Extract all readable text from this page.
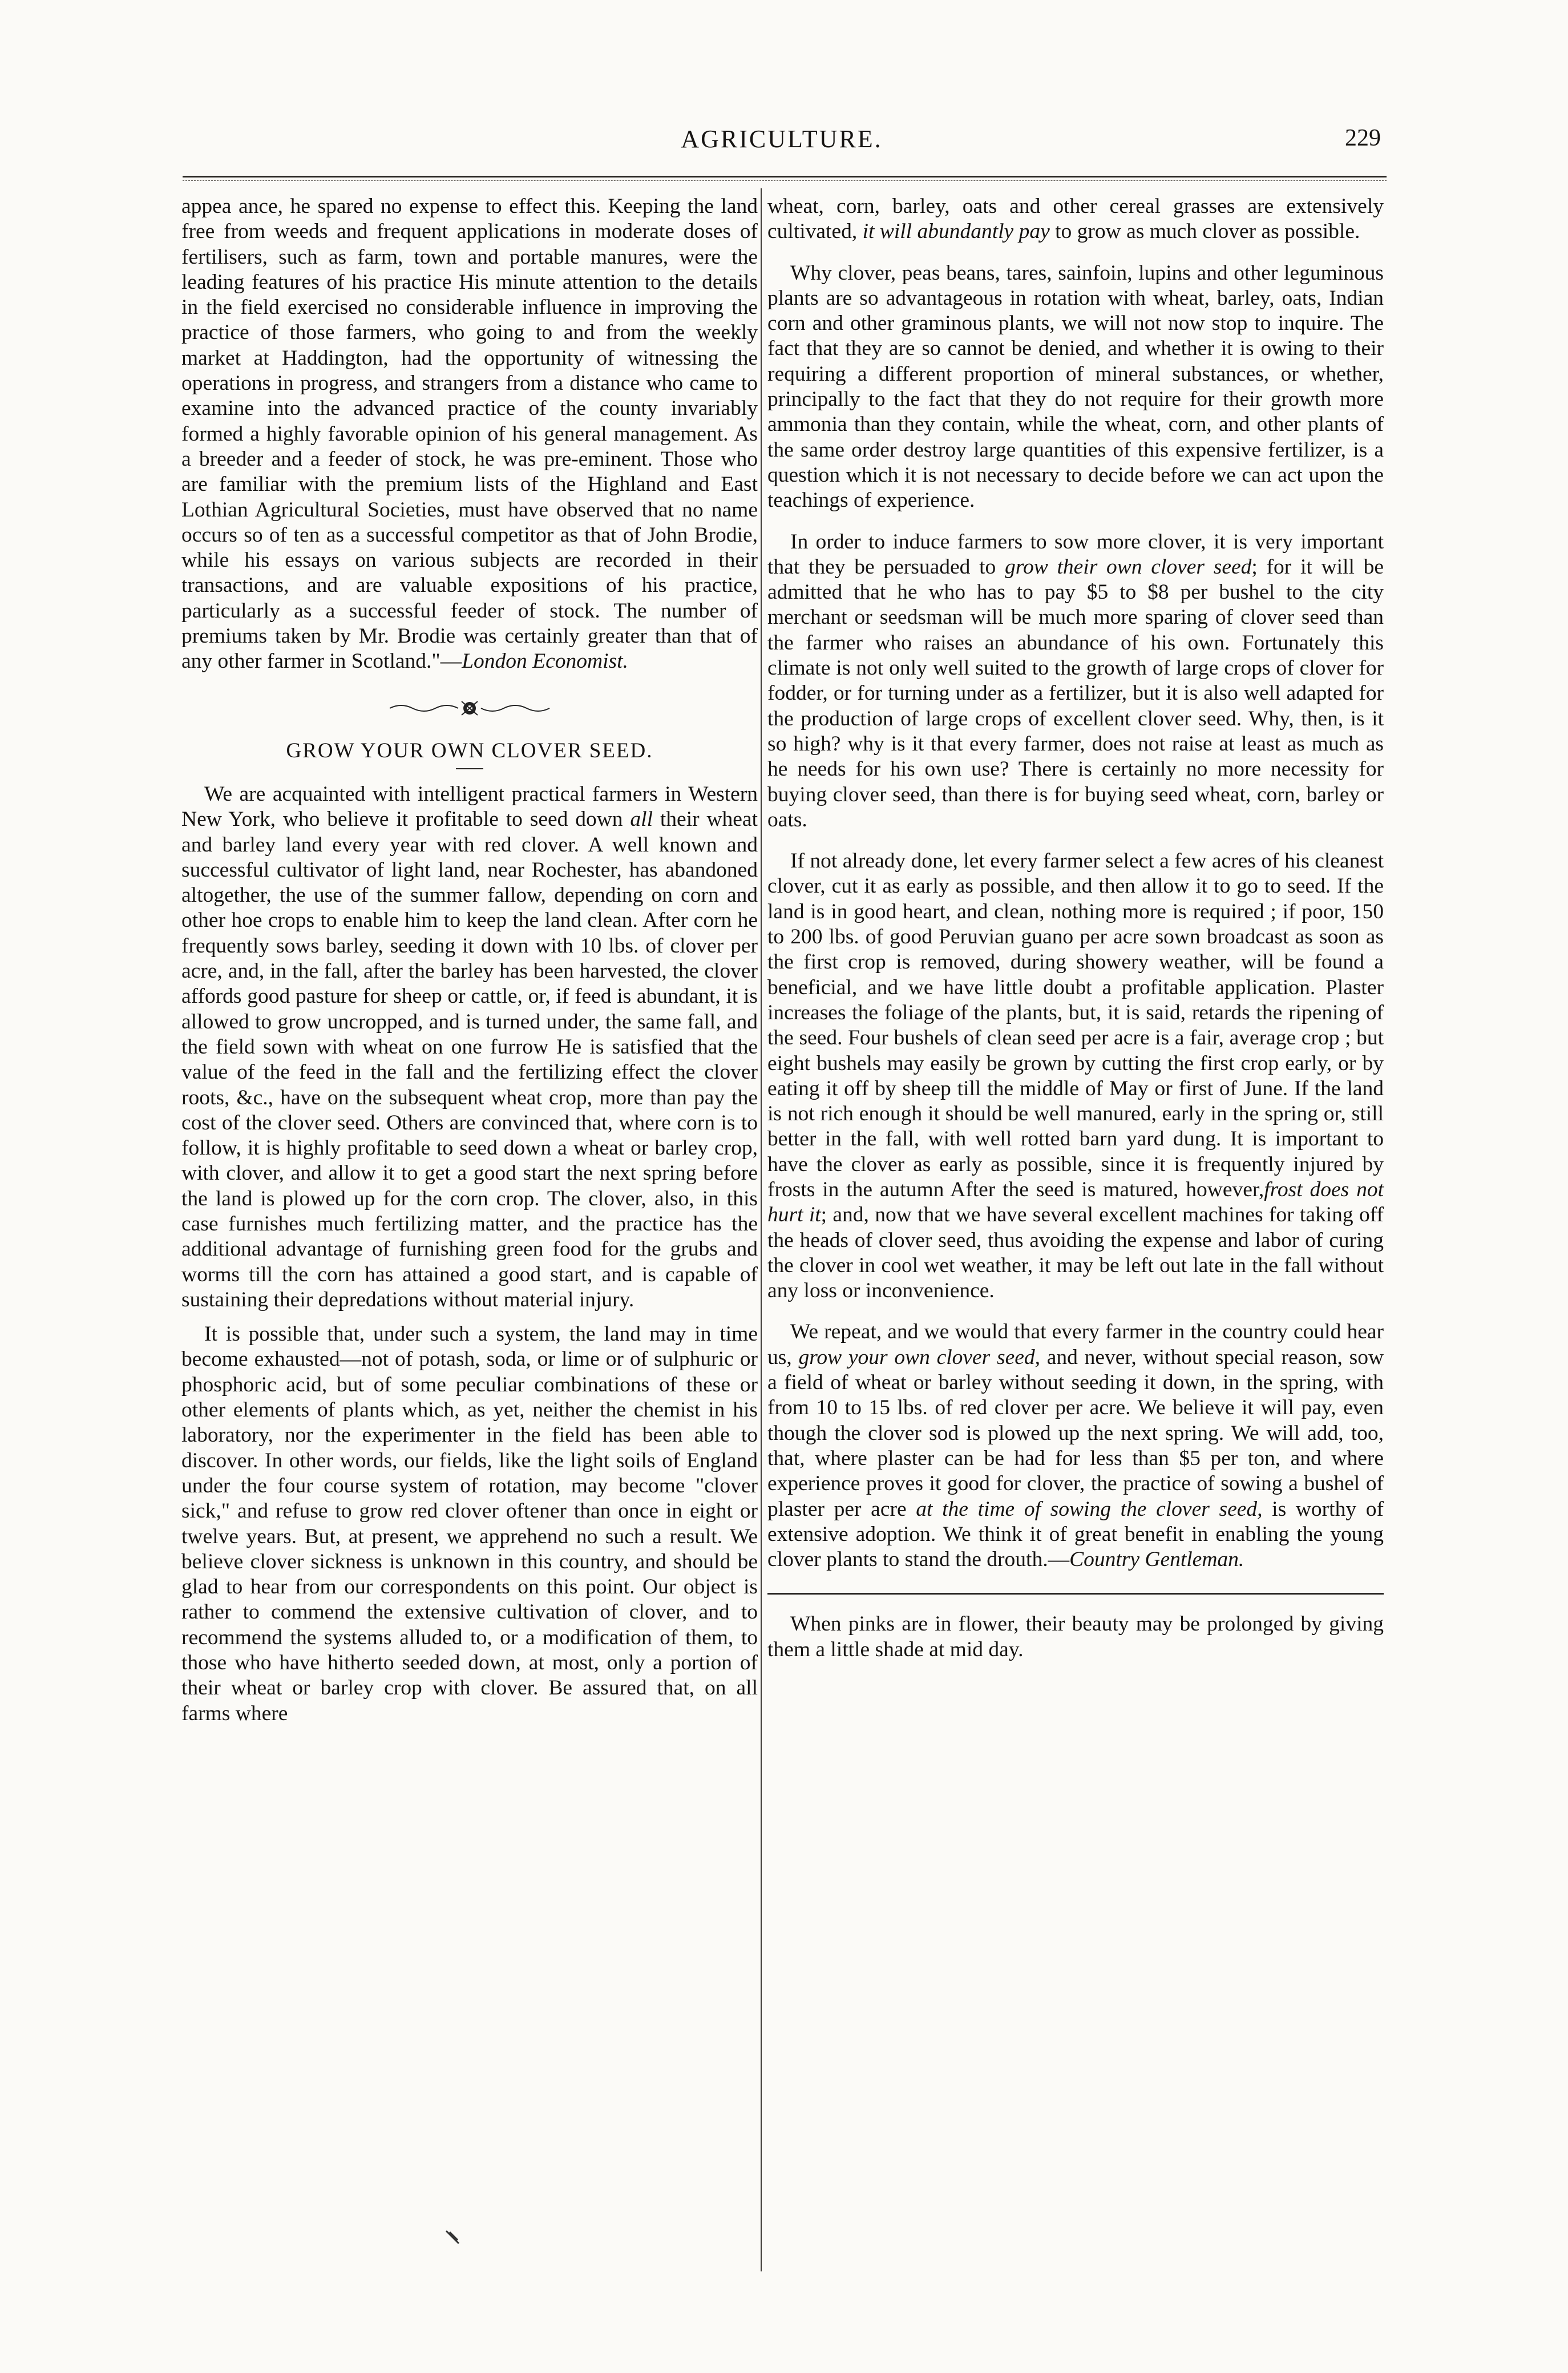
AGRICULTURE.	229

appea ance, he spared no expense to effect this. Keeping the land free from weeds and frequent applications in moderate doses of fertilisers, such as farm, town and portable manures, were the leading features of his practice His minute attention to the details in the field exercised no considerable influence in improving the practice of those farmers, who going to and from the weekly market at Haddington, had the opportunity of witnessing the operations in progress, and strangers from a distance who came to examine into the advanced practice of the county invariably formed a highly favorable opinion of his general management. As a breeder and a feeder of stock, he was pre-eminent. Those who are familiar with the premium lists of the Highland and East Lothian Agricultural Societies, must have observed that no name occurs so of ten as a successful competitor as that of John Brodie, while his essays on various subjects are recorded in their transactions, and are valuable expositions of his practice, particularly as a successful feeder of stock. The number of premiums taken by Mr. Brodie was certainly greater than that of any other farmer in Scotland."—London Economist.

GROW YOUR OWN CLOVER SEED.

We are acquainted with intelligent practical farmers in Western New York, who believe it profitable to seed down all their wheat and barley land every year with red clover. A well known and successful cultivator of light land, near Rochester, has abandoned altogether, the use of the summer fallow, depending on corn and other hoe crops to enable him to keep the land clean. After corn he frequently sows barley, seeding it down with 10 lbs. of clover per acre, and, in the fall, after the barley has been harvested, the clover affords good pasture for sheep or cattle, or, if feed is abundant, it is allowed to grow uncropped, and is turned under, the same fall, and the field sown with wheat on one furrow He is satisfied that the value of the feed in the fall and the fertilizing effect the clover roots, &c., have on the subsequent wheat crop, more than pay the cost of the clover seed. Others are convinced that, where corn is to follow, it is highly profitable to seed down a wheat or barley crop, with clover, and allow it to get a good start the next spring before the land is plowed up for the corn crop. The clover, also, in this case furnishes much fertilizing matter, and the practice has the additional advantage of furnishing green food for the grubs and worms till the corn has attained a good start, and is capable of sustaining their depredations without material injury.

It is possible that, under such a system, the land may in time become exhausted—not of potash, soda, or lime or of sulphuric or phosphoric acid, but of some peculiar combinations of these or other elements of plants which, as yet, neither the chemist in his laboratory, nor the experimenter in the field has been able to discover. In other words, our fields, like the light soils of England under the four course system of rotation, may become "clover sick," and refuse to grow red clover oftener than once in eight or twelve years. But, at present, we apprehend no such a result. We believe clover sickness is unknown in this country, and should be glad to hear from our correspondents on this point. Our object is rather to commend the extensive cultivation of clover, and to recommend the systems alluded to, or a modification of them, to those who have hitherto seeded down, at most, only a portion of their wheat or barley crop with clover. Be assured that, on all farms where

wheat, corn, barley, oats and other cereal grasses are extensively cultivated, it will abundantly pay to grow as much clover as possible.

Why clover, peas beans, tares, sainfoin, lupins and other leguminous plants are so advantageous in rotation with wheat, barley, oats, Indian corn and other graminous plants, we will not now stop to inquire. The fact that they are so cannot be denied, and whether it is owing to their requiring a different proportion of mineral substances, or whether, principally to the fact that they do not require for their growth more ammonia than they contain, while the wheat, corn, and other plants of the same order destroy large quantities of this expensive fertilizer, is a question which it is not necessary to decide before we can act upon the teachings of experience.

In order to induce farmers to sow more clover, it is very important that they be persuaded to grow their own clover seed; for it will be admitted that he who has to pay $5 to $8 per bushel to the city merchant or seedsman will be much more sparing of clover seed than the farmer who raises an abundance of his own. Fortunately this climate is not only well suited to the growth of large crops of clover for fodder, or for turning under as a fertilizer, but it is also well adapted for the production of large crops of excellent clover seed. Why, then, is it so high? why is it that every farmer, does not raise at least as much as he needs for his own use? There is certainly no more necessity for buying clover seed, than there is for buying seed wheat, corn, barley or oats.

If not already done, let every farmer select a few acres of his cleanest clover, cut it as early as possible, and then allow it to go to seed. If the land is in good heart, and clean, nothing more is required ; if poor, 150 to 200 lbs. of good Peruvian guano per acre sown broadcast as soon as the first crop is removed, during showery weather, will be found a beneficial, and we have little doubt a profitable application. Plaster increases the foliage of the plants, but, it is said, retards the ripening of the seed. Four bushels of clean seed per acre is a fair, average crop ; but eight bushels may easily be grown by cutting the first crop early, or by eating it off by sheep till the middle of May or first of June. If the land is not rich enough it should be well manured, early in the spring or, still better in the fall, with well rotted barn yard dung. It is important to have the clover as early as possible, since it is frequently injured by frosts in the autumn After the seed is matured, however,frost does not hurt it; and, now that we have several excellent machines for taking off the heads of clover seed, thus avoiding the expense and labor of curing the clover in cool wet weather, it may be left out late in the fall without any loss or inconvenience.

We repeat, and we would that every farmer in the country could hear us, grow your own clover seed, and never, without special reason, sow a field of wheat or barley without seeding it down, in the spring, with from 10 to 15 lbs. of red clover per acre. We believe it will pay, even though the clover sod is plowed up the next spring. We will add, too, that, where plaster can be had for less than $5 per ton, and where experience proves it good for clover, the practice of sowing a bushel of plaster per acre at the time of sowing the clover seed, is worthy of extensive adoption. We think it of great benefit in enabling the young clover plants to stand the drouth.—Country Gentleman.

When pinks are in flower, their beauty may be prolonged by giving them a little shade at mid day.
